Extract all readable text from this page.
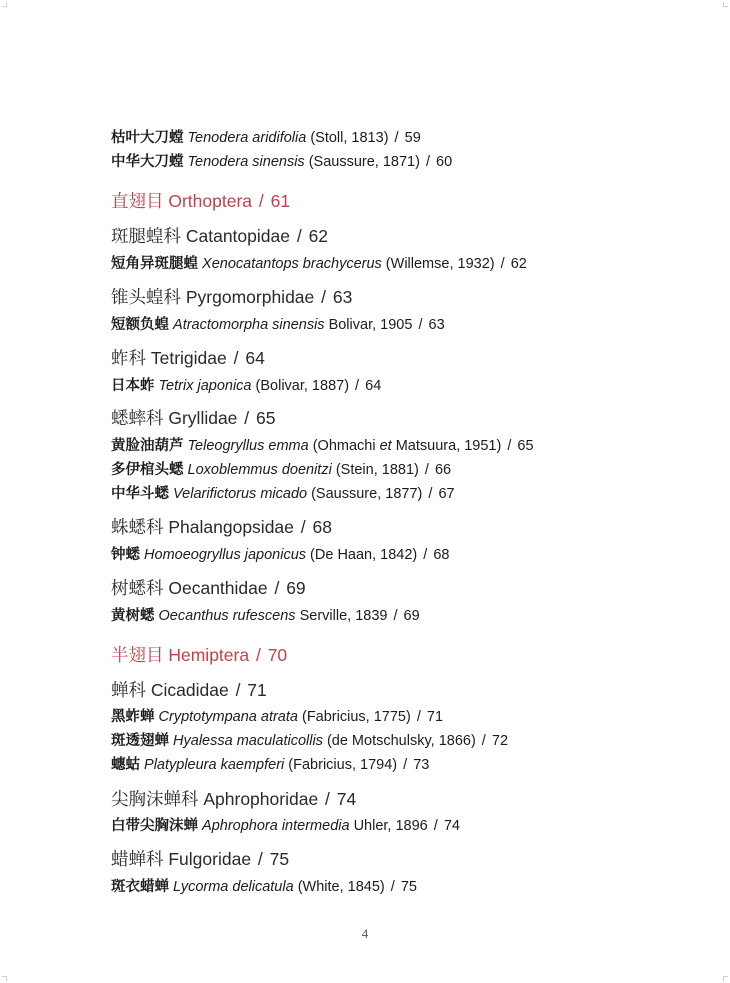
枯叶大刀螳 Tenodera aridifolia (Stoll, 1813) / 59
中华大刀螳 Tenodera sinensis (Saussure, 1871) / 60
直翅目 Orthoptera / 61
斑腿蝗科 Catantopidae / 62
短角异斑腿蝗 Xenocatantops brachycerus (Willemse, 1932) / 62
锥头蝗科 Pyrgomorphidae / 63
短额负蝗 Atractomorpha sinensis Bolivar, 1905 / 63
蚱科 Tetrigidae / 64
日本蚱 Tetrix japonica (Bolivar, 1887) / 64
蟋蟀科 Gryllidae / 65
黄脸油葫芦 Teleogryllus emma (Ohmachi et Matsuura, 1951) / 65
多伊棺头蟋 Loxoblemmus doenitzi (Stein, 1881) / 66
中华斗蟋 Velarifictorus micado (Saussure, 1877) / 67
蛛蟋科 Phalangopsidae / 68
钟蟋 Homoeogryllus japonicus (De Haan, 1842) / 68
树蟋科 Oecanthidae / 69
黄树蟋 Oecanthus rufescens Serville, 1839 / 69
半翅目 Hemiptera / 70
蝉科 Cicadidae / 71
黑蚱蝉 Cryptotympana atrata (Fabricius, 1775) / 71
斑透翅蝉 Hyalessa maculaticollis (de Motschulsky, 1866) / 72
蟪蛄 Platypleura kaempferi (Fabricius, 1794) / 73
尖胸沫蝉科 Aphrophoridae / 74
白带尖胸沫蝉 Aphrophora intermedia Uhler, 1896 / 74
蜡蝉科 Fulgoridae / 75
斑衣蜡蝉 Lycorma delicatula (White, 1845) / 75
4
